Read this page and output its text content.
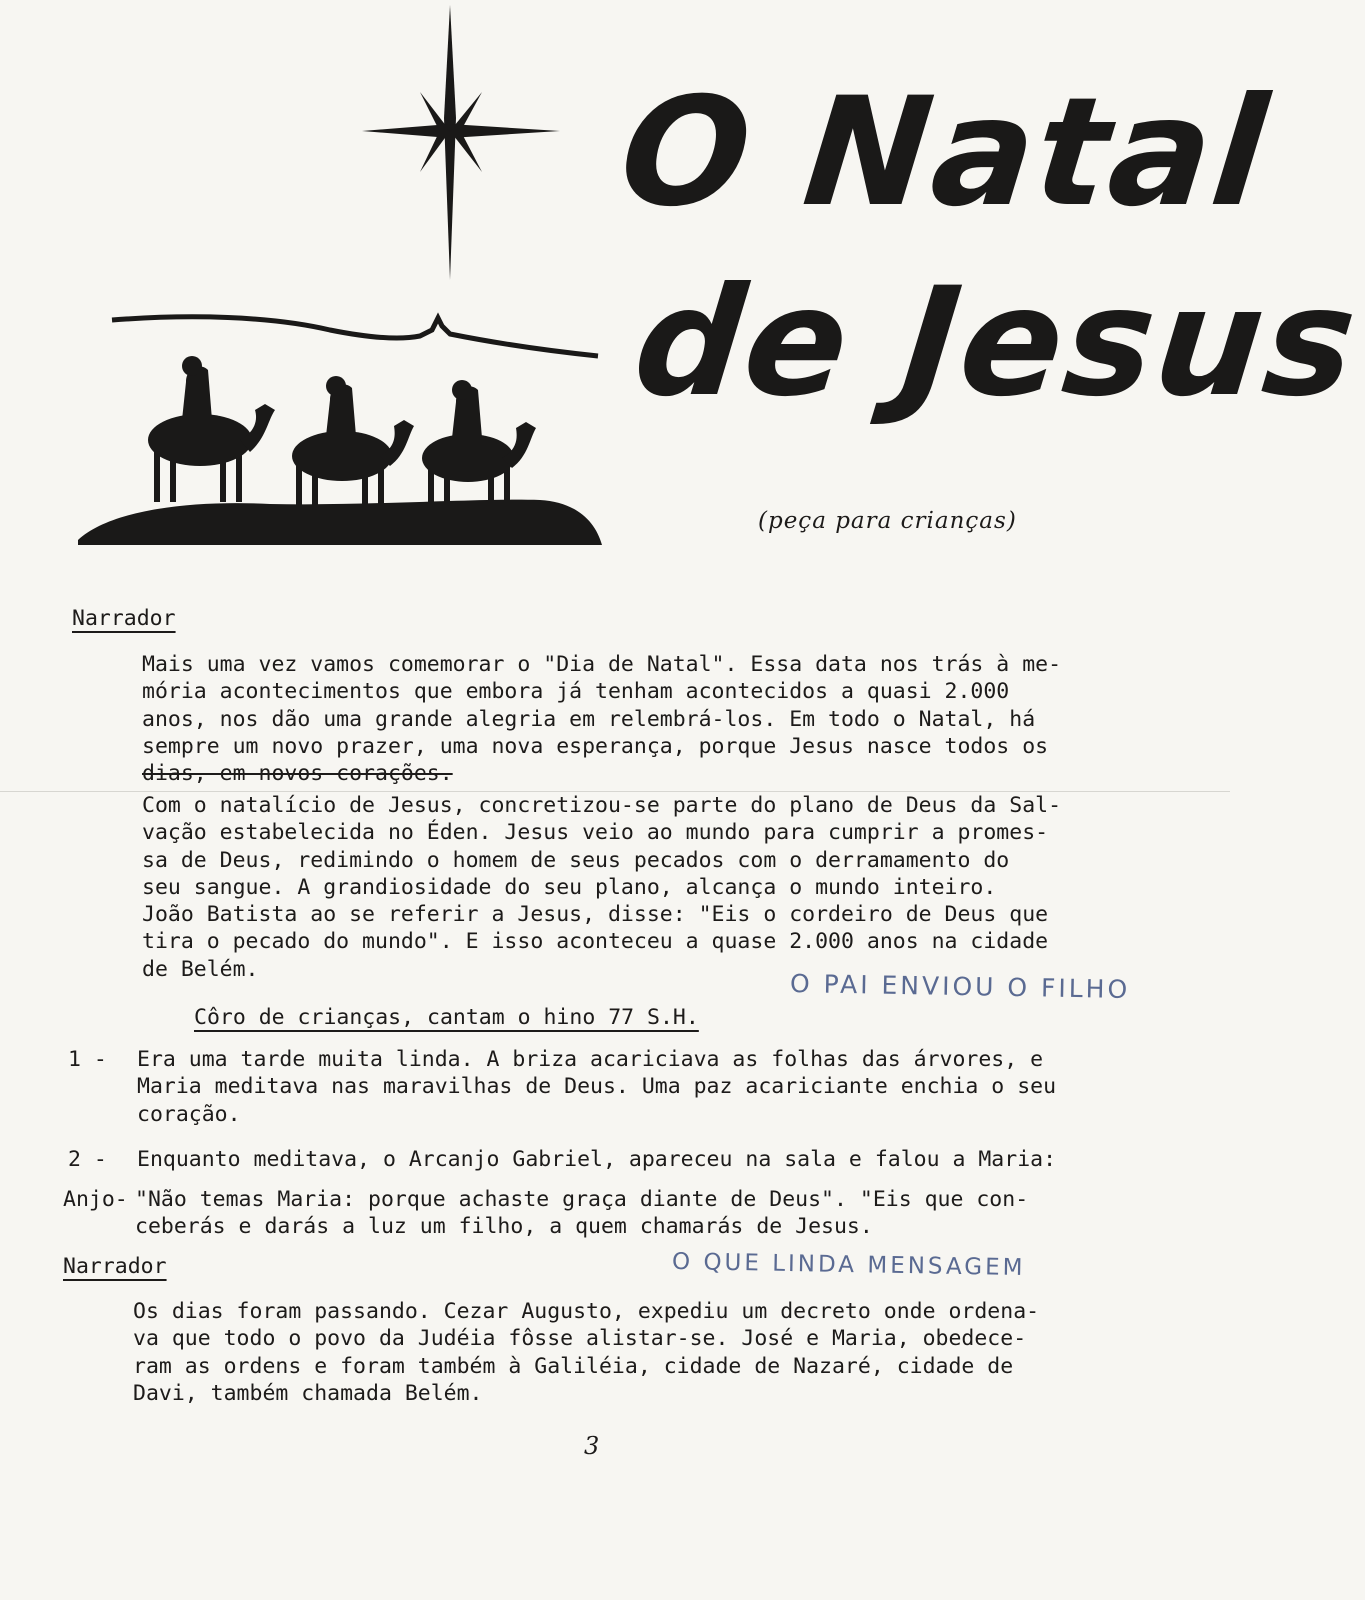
O Natal
de Jesus
(peça para crianças)
Narrador
Mais uma vez vamos comemorar o "Dia de Natal". Essa data nos trás à me-
mória acontecimentos que embora já tenham acontecidos a quasi 2.000
anos, nos dão uma grande alegria em relembrá-los. Em todo o Natal, há
sempre um novo prazer, uma nova esperança, porque Jesus nasce todos os
dias, em novos corações.
Com o natalício de Jesus, concretizou-se parte do plano de Deus da Sal-
vação estabelecida no Éden. Jesus veio ao mundo para cumprir a promes-
sa de Deus, redimindo o homem de seus pecados com o derramamento do
seu sangue. A grandiosidade do seu plano, alcança o mundo inteiro.
João Batista ao se referir a Jesus, disse: "Eis o cordeiro de Deus que
tira o pecado do mundo". E isso aconteceu a quase 2.000 anos na cidade
de Belém.	O PAI ENVIOU O FILHO
Côro de crianças, cantam o hino 77 S.H.
1 - Era uma tarde muita linda. A briza acariciava as folhas das árvores, e
Maria meditava nas maravilhas de Deus. Uma paz acariciante enchia o seu
coração.
2 - Enquanto meditava, o Arcanjo Gabriel, apareceu na sala e falou a Maria:
Anjo- "Não temas Maria: porque achaste graça diante de Deus". "Eis que con-
ceberás e darás a luz um filho, a quem chamarás de Jesus.
Narrador	O QUE LINDA MENSAGEM
Os dias foram passando. Cezar Augusto, expediu um decreto onde ordena-
va que todo o povo da Judéia fôsse alistar-se. José e Maria, obedece-
ram as ordens e foram também à Galiléia, cidade de Nazaré, cidade de
Davi, também chamada Belém.
3
